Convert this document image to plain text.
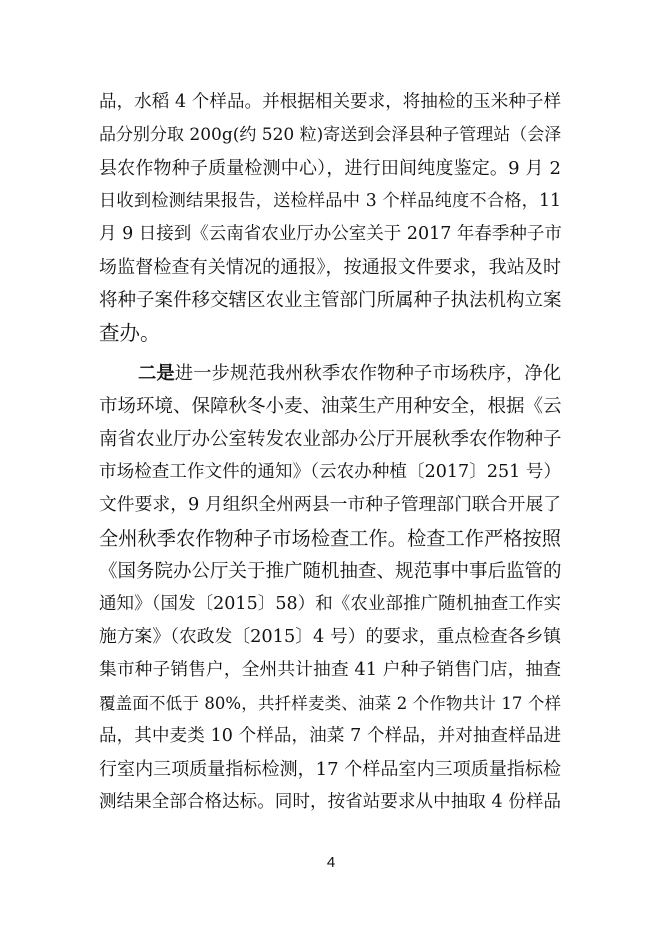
品，水稻 4 个样品。并根据相关要求，将抽检的玉米种子样
品分别分取 200g(约 520 粒)寄送到会泽县种子管理站（会泽
县农作物种子质量检测中心），进行田间纯度鉴定。9 月 2
日收到检测结果报告，送检样品中 3 个样品纯度不合格，11
月 9 日接到《云南省农业厅办公室关于 2017 年春季种子市
场监督检查有关情况的通报》，按通报文件要求，我站及时
将种子案件移交辖区农业主管部门所属种子执法机构立案
查办。
二是进一步规范我州秋季农作物种子市场秩序，净化
市场环境、保障秋冬小麦、油菜生产用种安全，根据《云
南省农业厅办公室转发农业部办公厅开展秋季农作物种子
市场检查工作文件的通知》（云农办种植〔2017〕251 号）
文件要求，9 月组织全州两县一市种子管理部门联合开展了
全州秋季农作物种子市场检查工作。检查工作严格按照
《国务院办公厅关于推广随机抽查、规范事中事后监管的
通知》（国发〔2015〕58）和《农业部推广随机抽查工作实
施方案》（农政发〔2015〕4 号）的要求，重点检查各乡镇
集市种子销售户，全州共计抽查 41 户种子销售门店，抽查
覆盖面不低于 80%，共扦样麦类、油菜 2 个作物共计 17 个样
品，其中麦类 10 个样品，油菜 7 个样品，并对抽查样品进
行室内三项质量指标检测，17 个样品室内三项质量指标检
测结果全部合格达标。同时，按省站要求从中抽取 4 份样品
4
